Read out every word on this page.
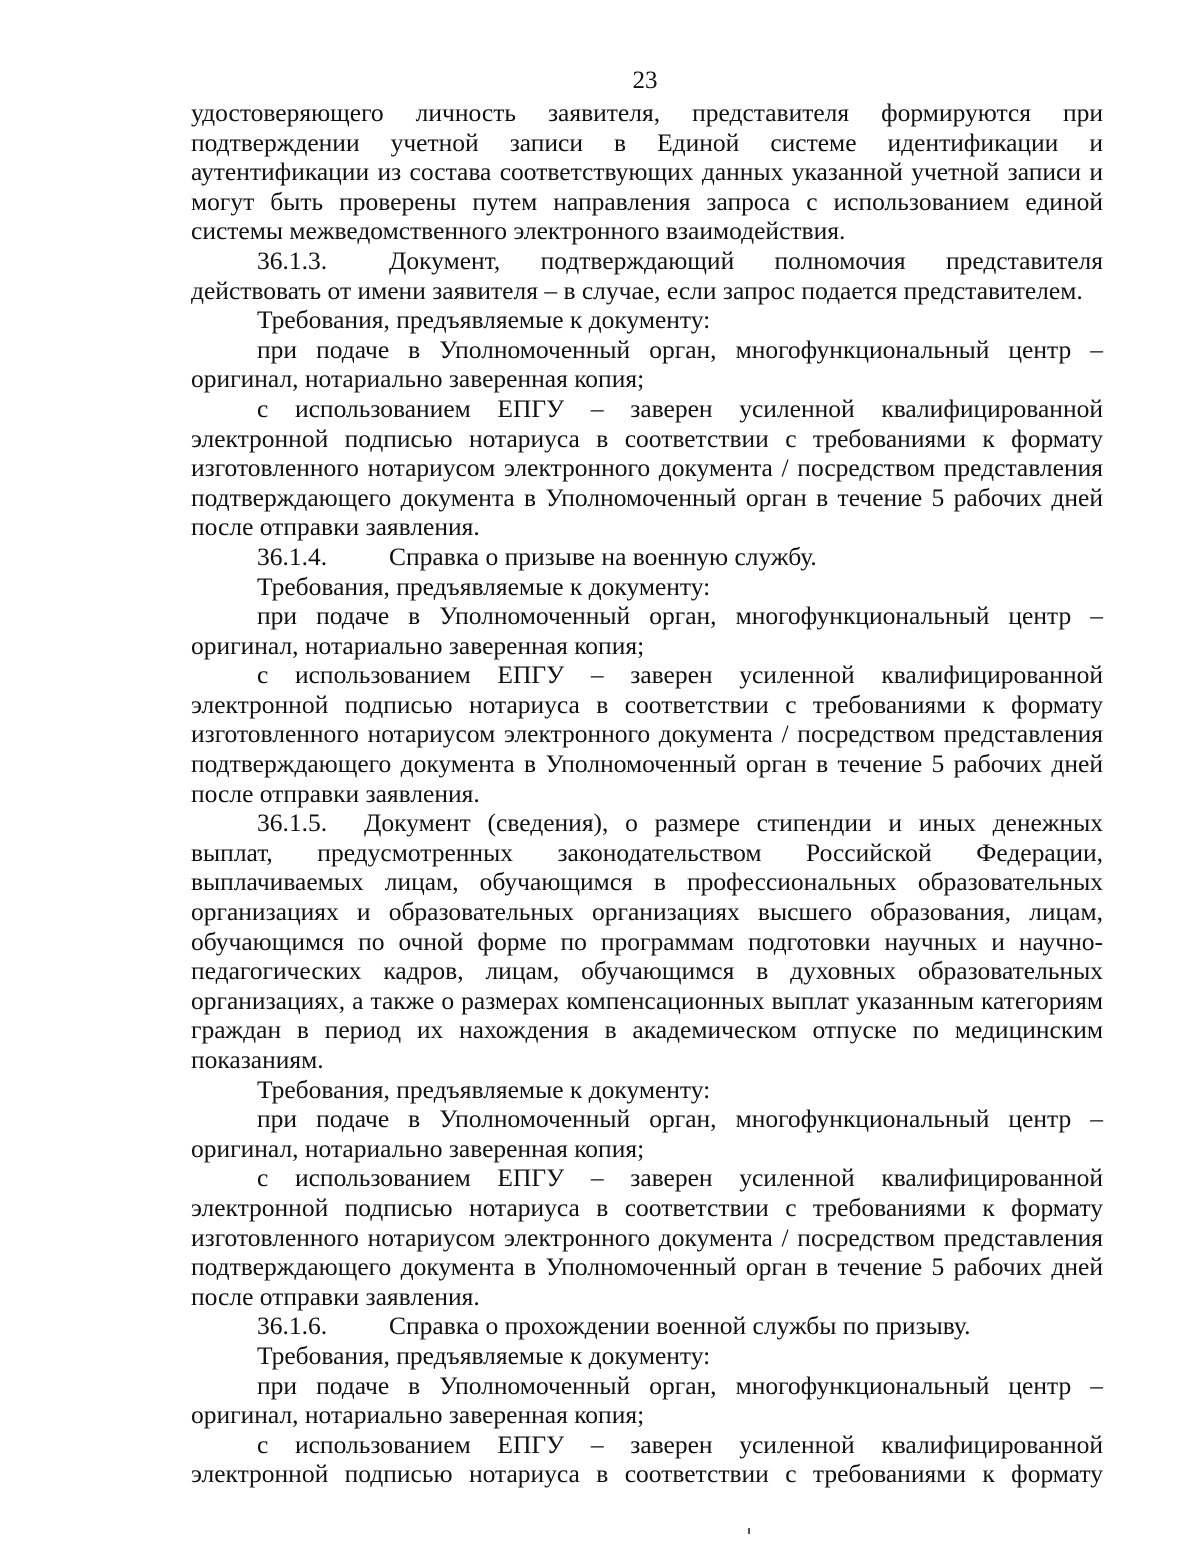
23

удостоверяющего личность заявителя, представителя формируются при подтверждении учетной записи в Единой системе идентификации и аутентификации из состава соответствующих данных указанной учетной записи и могут быть проверены путем направления запроса с использованием единой системы межведомственного электронного взаимодействия.

36.1.3. Документ, подтверждающий полномочия представителя действовать от имени заявителя – в случае, если запрос подается представителем.

Требования, предъявляемые к документу:

при подаче в Уполномоченный орган, многофункциональный центр – оригинал, нотариально заверенная копия;

с использованием ЕПГУ – заверен усиленной квалифицированной электронной подписью нотариуса в соответствии с требованиями к формату изготовленного нотариусом электронного документа / посредством представления подтверждающего документа в Уполномоченный орган в течение 5 рабочих дней после отправки заявления.

36.1.4. Справка о призыве на военную службу.

Требования, предъявляемые к документу:

при подаче в Уполномоченный орган, многофункциональный центр – оригинал, нотариально заверенная копия;

с использованием ЕПГУ – заверен усиленной квалифицированной электронной подписью нотариуса в соответствии с требованиями к формату изготовленного нотариусом электронного документа / посредством представления подтверждающего документа в Уполномоченный орган в течение 5 рабочих дней после отправки заявления.

36.1.5. Документ (сведения), о размере стипендии и иных денежных выплат, предусмотренных законодательством Российской Федерации, выплачиваемых лицам, обучающимся в профессиональных образовательных организациях и образовательных организациях высшего образования, лицам, обучающимся по очной форме по программам подготовки научных и научно-педагогических кадров, лицам, обучающимся в духовных образовательных организациях, а также о размерах компенсационных выплат указанным категориям граждан в период их нахождения в академическом отпуске по медицинским показаниям.

Требования, предъявляемые к документу:

при подаче в Уполномоченный орган, многофункциональный центр – оригинал, нотариально заверенная копия;

с использованием ЕПГУ – заверен усиленной квалифицированной электронной подписью нотариуса в соответствии с требованиями к формату изготовленного нотариусом электронного документа / посредством представления подтверждающего документа в Уполномоченный орган в течение 5 рабочих дней после отправки заявления.

36.1.6. Справка о прохождении военной службы по призыву.

Требования, предъявляемые к документу:

при подаче в Уполномоченный орган, многофункциональный центр – оригинал, нотариально заверенная копия;

с использованием ЕПГУ – заверен усиленной квалифицированной электронной подписью нотариуса в соответствии с требованиями к формату
